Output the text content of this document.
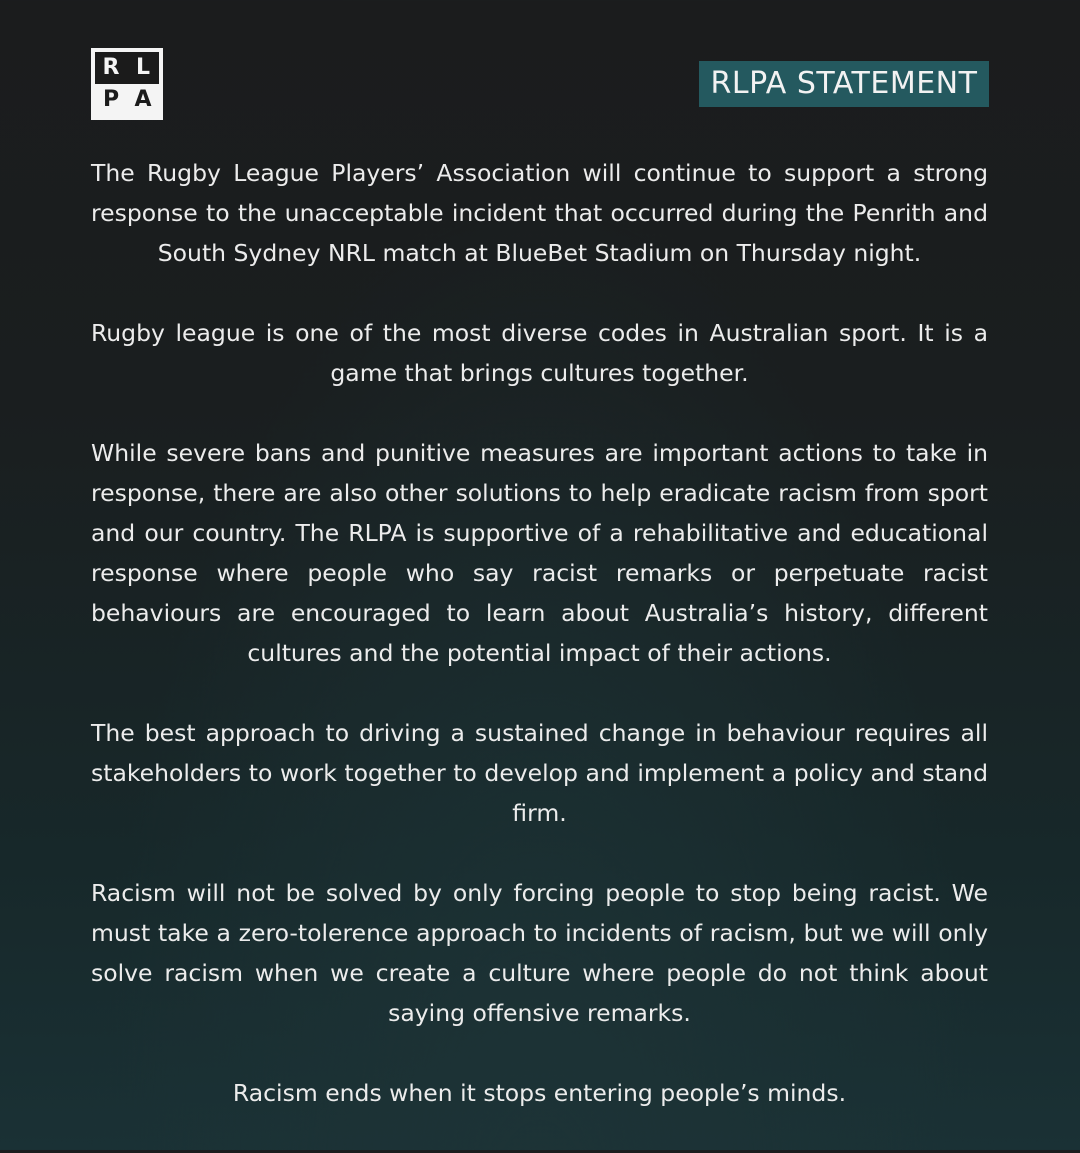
R L
P A	RLPA STATEMENT

The Rugby League Players’ Association will continue to support a strong response to the unacceptable incident that occurred during the Penrith and South Sydney NRL match at BlueBet Stadium on Thursday night.

Rugby league is one of the most diverse codes in Australian sport. It is a game that brings cultures together.

While severe bans and punitive measures are important actions to take in response, there are also other solutions to help eradicate racism from sport and our country. The RLPA is supportive of a rehabilitative and educational response where people who say racist remarks or perpetuate racist behaviours are encouraged to learn about Australia’s history, different cultures and the potential impact of their actions.

The best approach to driving a sustained change in behaviour requires all stakeholders to work together to develop and implement a policy and stand firm.

Racism will not be solved by only forcing people to stop being racist. We must take a zero-tolerence approach to incidents of racism, but we will only solve racism when we create a culture where people do not think about saying offensive remarks.

Racism ends when it stops entering people’s minds.
